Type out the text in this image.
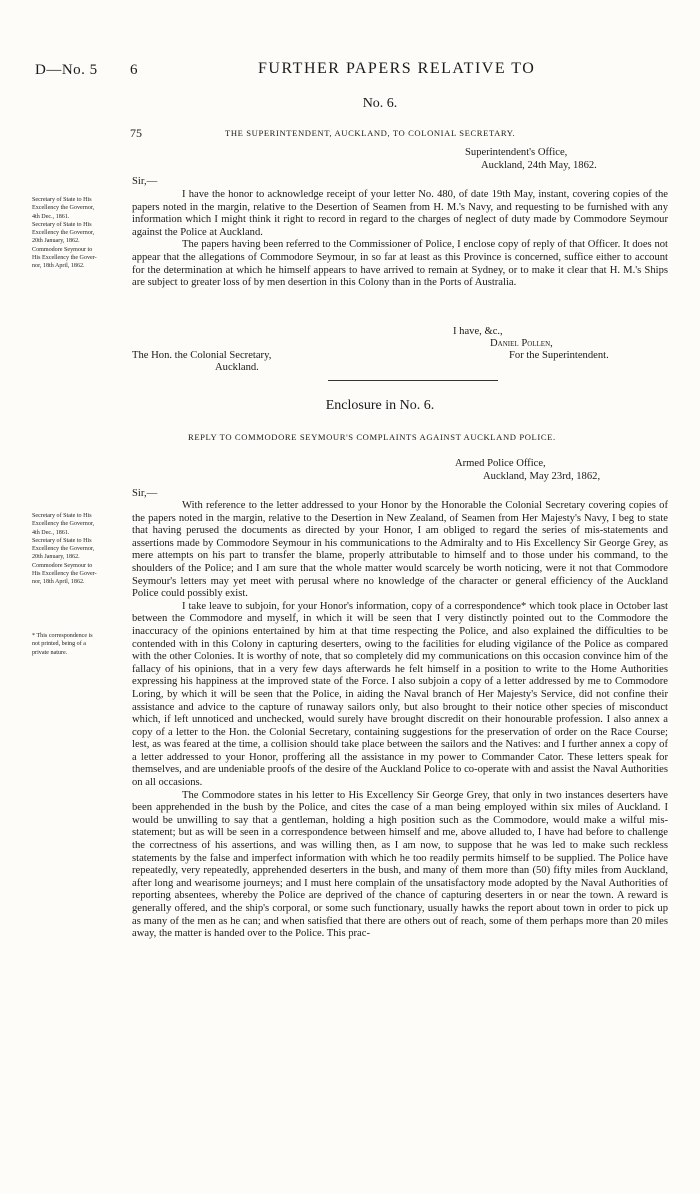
D—No. 5 6	FURTHER PAPERS RELATIVE TO
No. 6.
75	THE SUPERINTENDENT, AUCKLAND, TO COLONIAL SECRETARY.
Superintendent's Office,
Auckland, 24th May, 1862.
Sir,—
Secretary of State to His
Excellency the Governor,
4th Dec., 1861.
Secretary of State to His
Excellency the Governor,
20th January, 1862.
Commodore Seymour to
His Excellency the Gover-
nor, 18th April, 1862.

I have the honor to acknowledge receipt of your letter No. 480, of date 19th May, instant, covering copies of the papers noted in the margin, relative to the Desertion of Seamen from H. M.'s Navy, and requesting to be furnished with any information which I might think it right to record in regard to the charges of neglect of duty made by Commodore Seymour against the Police at Auckland.

The papers having been referred to the Commissioner of Police, I enclose copy of reply of that Officer. It does not appear that the allegations of Commodore Seymour, in so far at least as this Province is concerned, suffice either to account for the determination at which he himself appears to have arrived to remain at Sydney, or to make it clear that H. M.'s Ships are subject to greater loss of by men desertion in this Colony than in the Ports of Australia.

I have, &c.,
Daniel Pollen,
For the Superintendent.
The Hon. the Colonial Secretary,
Auckland.
Enclosure in No. 6.
REPLY TO COMMODORE SEYMOUR'S COMPLAINTS AGAINST AUCKLAND POLICE.
Armed Police Office,
Auckland, May 23rd, 1862,
Sir,—
Secretary of State to His
Excellency the Governor,
4th Dec., 1861.
Secretary of State to His
Excellency the Governor,
20th January, 1862.
Commodore Seymour to
His Excellency the Gover-
nor, 18th April, 1862.
* This correspondence is
not printed, being of a
private nature.

With reference to the letter addressed to your Honor by the Honorable the Colonial Secretary covering copies of the papers noted in the margin, relative to the Desertion in New Zealand, of Seamen from Her Majesty's Navy, I beg to state that having perused the documents as directed by your Honor, I am obliged to regard the series of mis-statements and assertions made by Commodore Seymour in his communications to the Admiralty and to His Excellency Sir George Grey, as mere attempts on his part to transfer the blame, properly attributable to himself and to those under his command, to the shoulders of the Police; and I am sure that the whole matter would scarcely be worth noticing, were it not that Commodore Seymour's letters may yet meet with perusal where no knowledge of the character or general efficiency of the Auckland Police could possibly exist.

I take leave to subjoin, for your Honor's information, copy of a correspondence* which took place in October last between the Commodore and myself, in which it will be seen that I very distinctly pointed out to the Commodore the inaccuracy of the opinions entertained by him at that time respecting the Police, and also explained the difficulties to be contended with in this Colony in capturing deserters, owing to the facilities for eluding vigilance of the Police as compared with the other Colonies. It is worthy of note, that so completely did my communications on this occasion convince him of the fallacy of his opinions, that in a very few days afterwards he felt himself in a position to write to the Home Authorities expressing his happiness at the improved state of the Force. I also subjoin a copy of a letter addressed by me to Commodore Loring, by which it will be seen that the Police, in aiding the Naval branch of Her Majesty's Service, did not confine their assistance and advice to the capture of runaway sailors only, but also brought to their notice other species of misconduct which, if left unnoticed and unchecked, would surely have brought discredit on their honourable profession. I also annex a copy of a letter to the Hon. the Colonial Secretary, containing suggestions for the preservation of order on the Race Course; lest, as was feared at the time, a collision should take place between the sailors and the Natives: and I further annex a copy of a letter addressed to your Honor, proffering all the assistance in my power to Commander Cator. These letters speak for themselves, and are undeniable proofs of the desire of the Auckland Police to co-operate with and assist the Naval Authorities on all occasions.

The Commodore states in his letter to His Excellency Sir George Grey, that only in two instances deserters have been apprehended in the bush by the Police, and cites the case of a man being employed within six miles of Auckland. I would be unwilling to say that a gentleman, holding a high position such as the Commodore, would make a wilful mis-statement; but as will be seen in a correspondence between himself and me, above alluded to, I have had before to challenge the correctness of his assertions, and was willing then, as I am now, to suppose that he was led to make such reckless statements by the false and imperfect information with which he too readily permits himself to be supplied. The Police have repeatedly, very repeatedly, apprehended deserters in the bush, and many of them more than (50) fifty miles from Auckland, after long and wearisome journeys; and I must here complain of the unsatisfactory mode adopted by the Naval Authorities of reporting absentees, whereby the Police are deprived of the chance of capturing deserters in or near the town. A reward is generally offered, and the ship's corporal, or some such functionary, usually hawks the report about town in order to pick up as many of the men as he can; and when satisfied that there are others out of reach, some of them perhaps more than 20 miles away, the matter is handed over to the Police. This prac-
